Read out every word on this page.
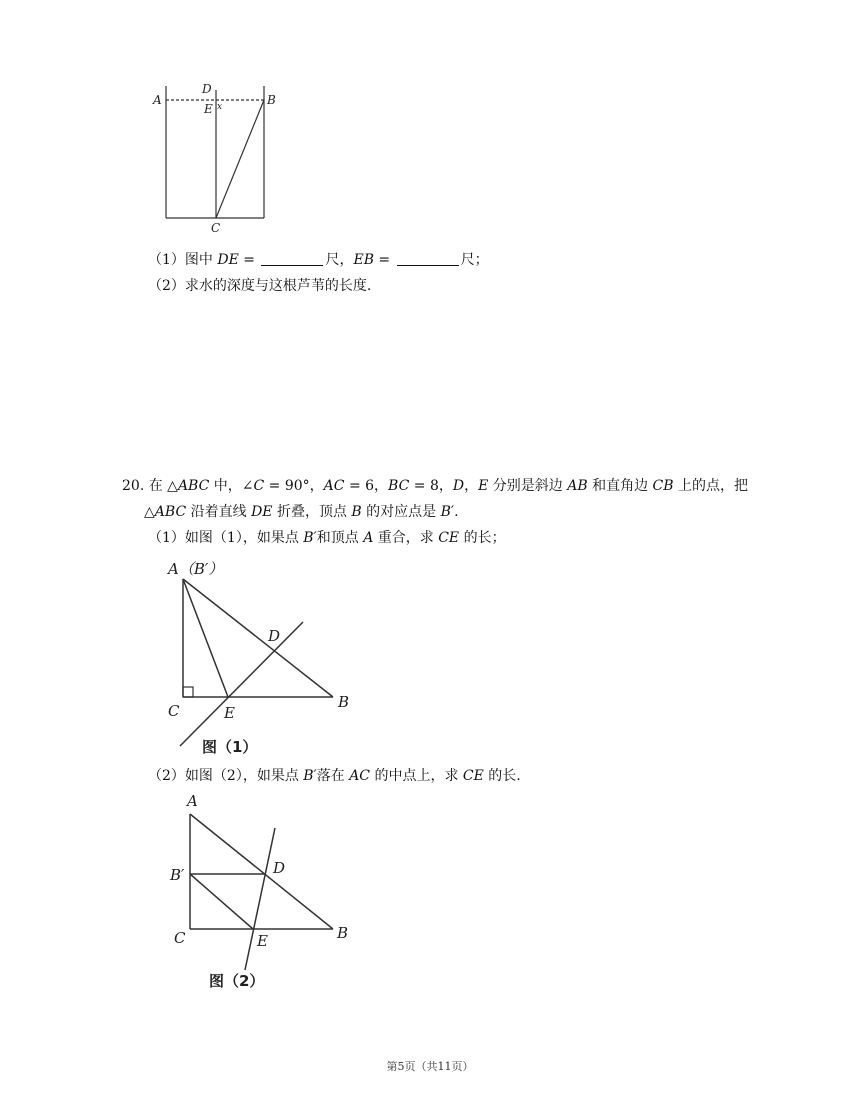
A	B
D
E x
C
（1）图中 DE =	尺，EB =	尺；
（2）求水的深度与这根芦苇的长度.
20. 在 △ABC 中，∠C = 90°，AC = 6，BC = 8，D，E 分别是斜边 AB 和直角边 CB 上的点，把
△ABC 沿着直线 DE 折叠，顶点 B 的对应点是 B′.
（1）如图（1），如果点 B′和顶点 A 重合，求 CE 的长；
A（B′）
B
C
D
E
图（1）
（2）如图（2），如果点 B′落在 AC 的中点上，求 CE 的长.
A
B
B′
C
D
E
图（2）
第5页（共11页）
